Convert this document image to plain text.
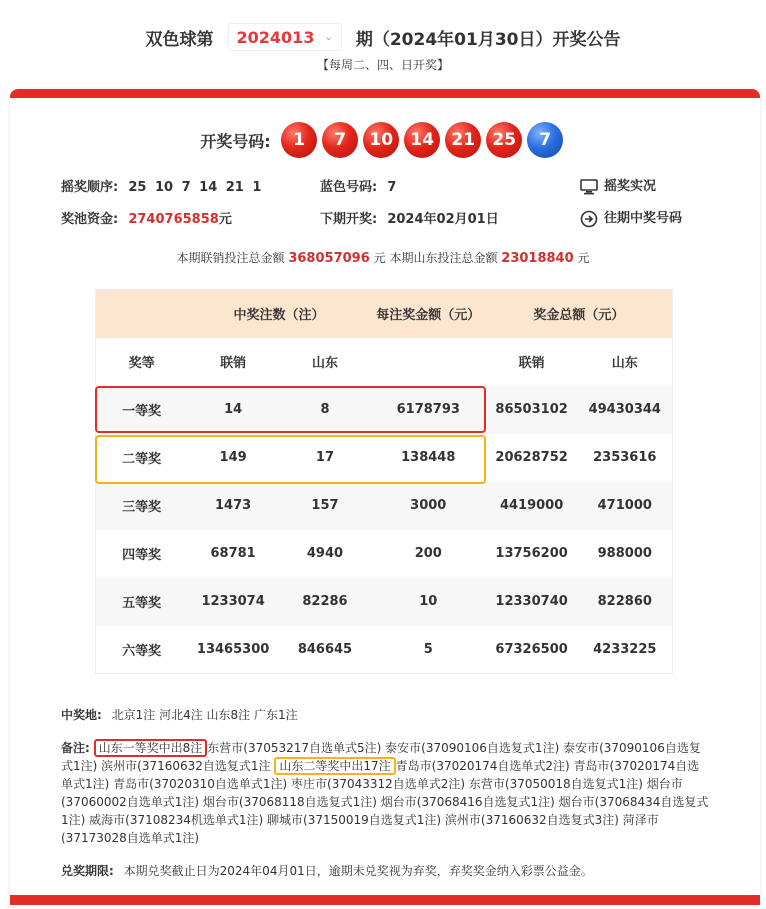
双色球第 2024013 ⌄ 期（2024年01月30日）开奖公告
【每周二、四、日开奖】
开奖号码:	1	7	10	14	21	25	7
摇奖顺序: 25 10 7 14 21 1	蓝色号码: 7	摇奖实况
奖池资金: 2740765858元	下期开奖: 2024年02月01日	往期中奖号码
本期联销投注总金额 368057096 元 本期山东投注总金额 23018840 元
	中奖注数（注）		每注奖金额（元）	奖金总额（元）	
奖等	联销	山东		联销	山东
一等奖	14	8	6178793	86503102	49430344
二等奖	149	17	138448	20628752	2353616
三等奖	1473	157	3000	4419000	471000
四等奖	68781	4940	200	13756200	988000
五等奖	1233074	82286	10	12330740	822860
六等奖	13465300	846645	5	67326500	4233225
中奖地: 北京1注 河北4注 山东8注 广东1注
备注: 山东一等奖中出8注 东营市(37053217自选单式5注) 泰安市(37090106自选复式1注) 泰安市(37090106自选复式1注) 滨州市(37160632自选复式1注 山东二等奖中出17注 青岛市(37020174自选单式2注) 青岛市(37020174自选单式1注) 青岛市(37020310自选单式1注) 枣庄市(37043312自选单式2注) 东营市(37050018自选复式1注) 烟台市(37060002自选单式1注) 烟台市(37068118自选复式1注) 烟台市(37068416自选复式1注) 烟台市(37068434自选复式1注) 威海市(37108234机选单式1注) 聊城市(37150019自选复式1注) 滨州市(37160632自选复式3注) 菏泽市(37173028自选单式1注)
兑奖期限: 本期兑奖截止日为2024年04月01日，逾期未兑奖视为弃奖，弃奖奖金纳入彩票公益金。
